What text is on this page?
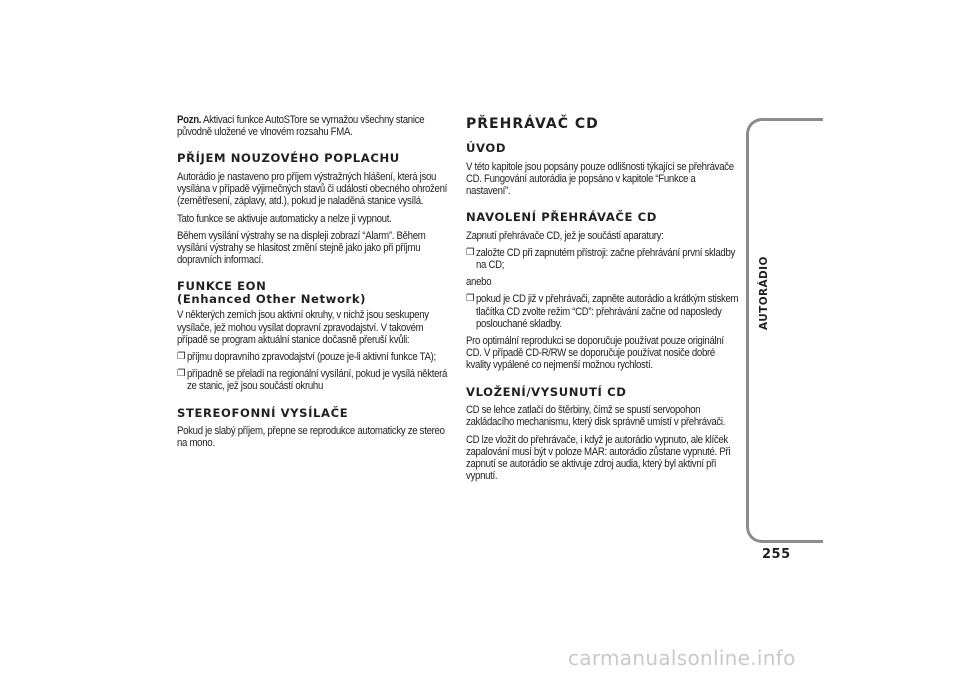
Pozn. Aktivací funkce AutoSTore se vymažou všechny stanice původně uložené ve vlnovém rozsahu FMA.

PŘÍJEM NOUZOVÉHO POPLACHU

Autorádio je nastaveno pro příjem výstražných hlášení, která jsou vysílána v případě výjimečných stavů či událostí obecného ohrožení (zemětřesení, záplavy, atd.), pokud je naladěná stanice vysílá.

Tato funkce se aktivuje automaticky a nelze ji vypnout.

Během vysílání výstrahy se na displeji zobrazí “Alarm”. Během vysílání výstrahy se hlasitost změní stejně jako jako při příjmu dopravních informací.

FUNKCE EON
(Enhanced Other Network)

V některých zemích jsou aktivní okruhy, v nichž jsou seskupeny vysílače, jež mohou vysílat dopravní zpravodajství. V takovém případě se program aktuální stanice dočasně přeruší kvůli:

❒ příjmu dopravního zpravodajství (pouze je-li aktivní funkce TA);

❒ případně se přeladí na regionální vysílání, pokud je vysílá některá ze stanic, jež jsou součástí okruhu

STEREOFONNÍ VYSÍLAČE

Pokud je slabý příjem, přepne se reprodukce automaticky ze stereo na mono.

PŘEHRÁVAČ CD
ÚVOD

V této kapitole jsou popsány pouze odlišnosti týkající se přehrávače CD. Fungování autorádia je popsáno v kapitole “Funkce a nastavení”.

NAVOLENÍ PŘEHRÁVAČE CD

Zapnutí přehrávače CD, jež je součástí aparatury:

❒ založte CD při zapnutém přístroji: začne přehrávání první skladby na CD;

anebo

❒ pokud je CD již v přehrávači, zapněte autorádio a krátkým stiskem tlačítka CD zvolte režim “CD”: přehrávání začne od naposledy poslouchané skladby.

Pro optimální reprodukci se doporučuje používat pouze originální CD. V případě CD-R/RW se doporučuje používat nosiče dobré kvality vypálené co nejmenší možnou rychlostí.

VLOŽENÍ/VYSUNUTÍ CD

CD se lehce zatlačí do štěrbiny, čímž se spustí servopohon zakládacího mechanismu, který disk správně umístí v přehrávači.

CD lze vložit do přehrávače, i když je autorádio vypnuto, ale klíček zapalování musí být v poloze MAR: autorádio zůstane vypnuté. Při zapnutí se autorádio se aktivuje zdroj audia, který byl aktivní při vypnutí.

AUTORÁDIO
255
carmanualsonline.info
